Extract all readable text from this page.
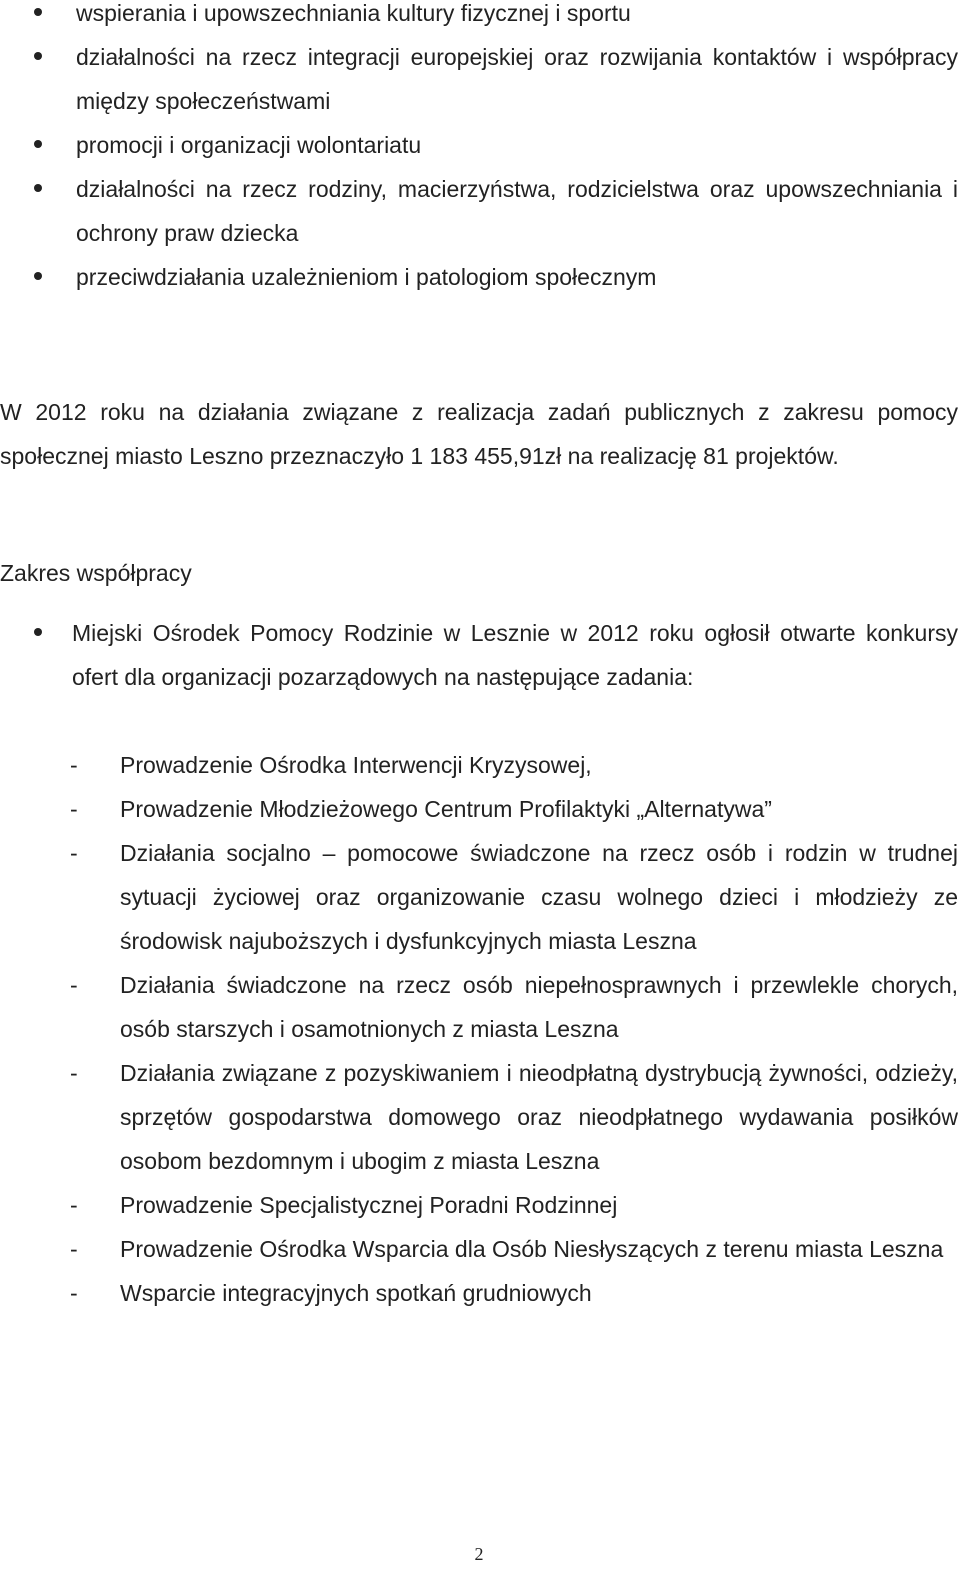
wspierania i upowszechniania kultury fizycznej i sportu
działalności na rzecz integracji europejskiej oraz rozwijania kontaktów i współpracy między społeczeństwami
promocji i organizacji wolontariatu
działalności na rzecz rodziny, macierzyństwa, rodzicielstwa oraz upowszechniania i ochrony praw dziecka
przeciwdziałania uzależnieniom i patologiom społecznym

W 2012 roku na działania związane z realizacja zadań publicznych z zakresu pomocy społecznej miasto Leszno przeznaczyło 1 183 455,91zł na realizację 81 projektów.

Zakres współpracy

Miejski Ośrodek Pomocy Rodzinie w Lesznie w 2012 roku ogłosił otwarte konkursy ofert dla organizacji pozarządowych na następujące zadania:
- Prowadzenie Ośrodka Interwencji Kryzysowej,
- Prowadzenie Młodzieżowego Centrum Profilaktyki „Alternatywa”
- Działania socjalno – pomocowe świadczone na rzecz osób i rodzin w trudnej sytuacji życiowej oraz organizowanie czasu wolnego dzieci i młodzieży ze środowisk najuboższych i dysfunkcyjnych miasta Leszna
- Działania świadczone na rzecz osób niepełnosprawnych i przewlekle chorych, osób starszych i osamotnionych z miasta Leszna
- Działania związane z pozyskiwaniem i nieodpłatną dystrybucją żywności, odzieży, sprzętów gospodarstwa domowego oraz nieodpłatnego wydawania posiłków osobom bezdomnym i ubogim z miasta Leszna
- Prowadzenie Specjalistycznej Poradni Rodzinnej
- Prowadzenie Ośrodka Wsparcia dla Osób Niesłyszących z terenu miasta Leszna
- Wsparcie integracyjnych spotkań grudniowych
2
